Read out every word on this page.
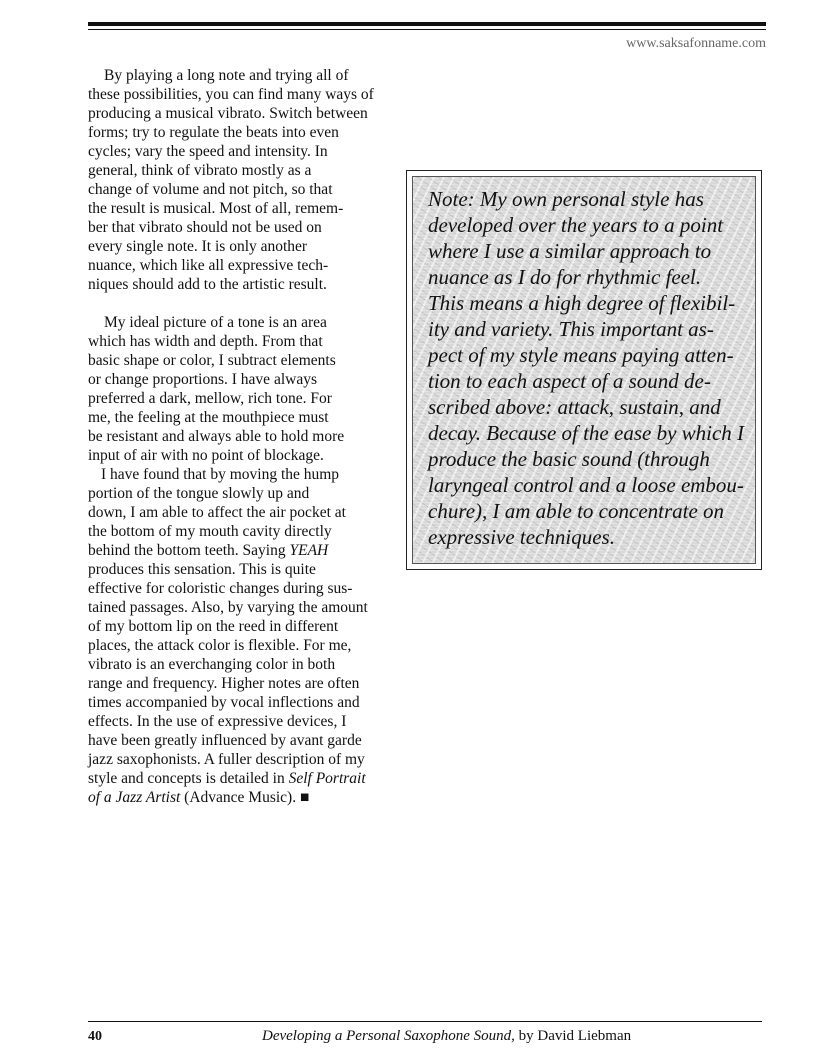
www.saksafonname.com
By playing a long note and trying all of
these possibilities, you can find many ways of
producing a musical vibrato. Switch between
forms; try to regulate the beats into even
cycles; vary the speed and intensity. In
general, think of vibrato mostly as a
change of volume and not pitch, so that
the result is musical. Most of all, remem-
ber that vibrato should not be used on
every single note. It is only another
nuance, which like all expressive tech-
niques should add to the artistic result.
My ideal picture of a tone is an area
which has width and depth. From that
basic shape or color, I subtract elements
or change proportions. I have always
preferred a dark, mellow, rich tone. For
me, the feeling at the mouthpiece must
be resistant and always able to hold more
input of air with no point of blockage.
I have found that by moving the hump
portion of the tongue slowly up and
down, I am able to affect the air pocket at
the bottom of my mouth cavity directly
behind the bottom teeth. Saying YEAH
produces this sensation. This is quite
effective for coloristic changes during sus-
tained passages. Also, by varying the amount
of my bottom lip on the reed in different
places, the attack color is flexible. For me,
vibrato is an everchanging color in both
range and frequency. Higher notes are often
times accompanied by vocal inflections and
effects. In the use of expressive devices, I
have been greatly influenced by avant garde
jazz saxophonists. A fuller description of my
style and concepts is detailed in Self Portrait
of a Jazz Artist (Advance Music). ■
Note: My own personal style has
developed over the years to a point
where I use a similar approach to
nuance as I do for rhythmic feel.
This means a high degree of flexibil-
ity and variety. This important as-
pect of my style means paying atten-
tion to each aspect of a sound de-
scribed above: attack, sustain, and
decay. Because of the ease by which I
produce the basic sound (through
laryngeal control and a loose embou-
chure), I am able to concentrate on
expressive techniques.
40	Developing a Personal Saxophone Sound, by David Liebman
